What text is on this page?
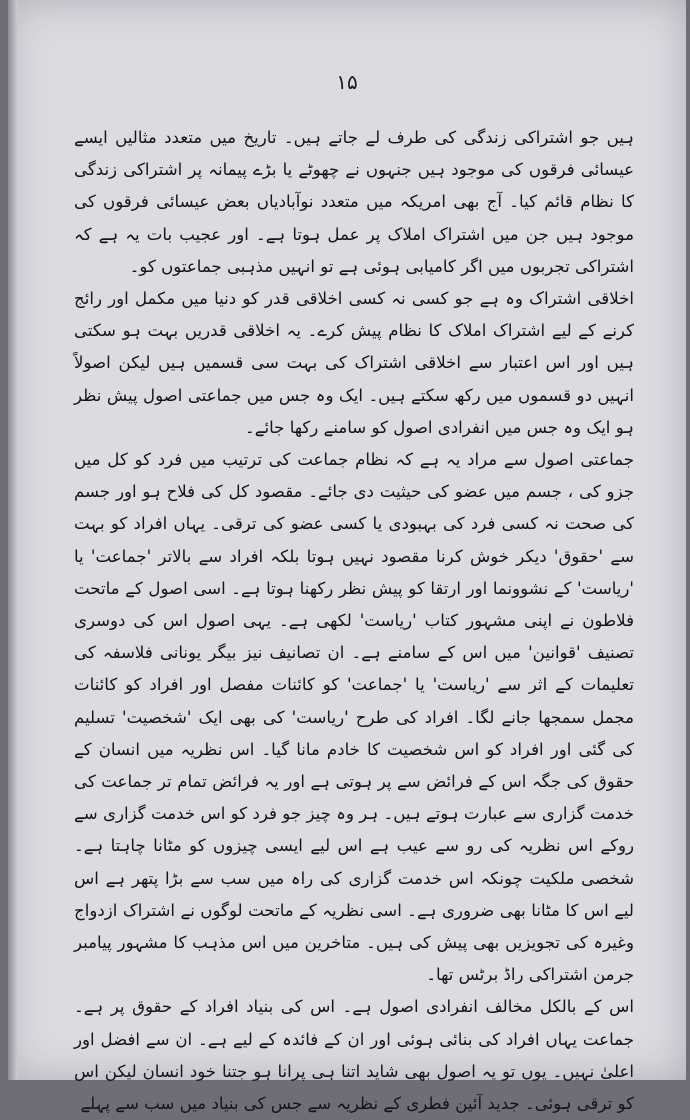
۱۵

ہیں جو اشتراکی زندگی کی طرف لے جاتے ہیں۔ تاریخ میں متعدد مثالیں ایسے عیسائی فرقوں کی موجود ہیں جنہوں نے چھوٹے یا بڑے پیمانہ پر اشتراکی زندگی کا نظام قائم کیا۔ آج بھی امریکہ میں متعدد نوآبادیاں بعض عیسائی فرقوں کی موجود ہیں جن میں اشتراک املاک پر عمل ہوتا ہے۔ اور عجیب بات یہ ہے کہ اشتراکی تجربوں میں اگر کامیابی ہوئی ہے تو انہیں مذہبی جماعتوں کو۔

اخلاقی اشتراک وہ ہے جو کسی نہ کسی اخلاقی قدر کو دنیا میں مکمل اور رائج کرنے کے لیے اشتراک املاک کا نظام پیش کرے۔ یہ اخلاقی قدریں بہت ہو سکتی ہیں اور اس اعتبار سے اخلاقی اشتراک کی بہت سی قسمیں ہیں لیکن اصولاً انہیں دو قسموں میں رکھ سکتے ہیں۔ ایک وہ جس میں جماعتی اصول پیش نظر ہو ایک وہ جس میں انفرادی اصول کو سامنے رکھا جائے۔

جماعتی اصول سے مراد یہ ہے کہ نظام جماعت کی ترتیب میں فرد کو کل میں جزو کی ، جسم میں عضو کی حیثیت دی جائے۔ مقصود کل کی فلاح ہو اور جسم کی صحت نہ کسی فرد کی بہبودی یا کسی عضو کی ترقی۔ یہاں افراد کو بہت سے 'حقوق' دیکر خوش کرنا مقصود نہیں ہوتا بلکہ افراد سے بالاتر 'جماعت' یا 'ریاست' کے نشوونما اور ارتقا کو پیش نظر رکھنا ہوتا ہے۔ اسی اصول کے ماتحت فلاطون نے اپنی مشہور کتاب 'ریاست' لکھی ہے۔ یہی اصول اس کی دوسری تصنیف 'قوانین' میں اس کے سامنے ہے۔ ان تصانیف نیز بیگر یونانی فلاسفہ کی تعلیمات کے اثر سے 'ریاست' یا 'جماعت' کو کائنات مفصل اور افراد کو کائنات مجمل سمجھا جانے لگا۔ افراد کی طرح 'ریاست' کی بھی ایک 'شخصیت' تسلیم کی گئی اور افراد کو اس شخصیت کا خادم مانا گیا۔ اس نظریہ میں انسان کے حقوق کی جگہ اس کے فرائض سے پر ہوتی ہے اور یہ فرائض تمام تر جماعت کی خدمت گزاری سے عبارت ہوتے ہیں۔ ہر وہ چیز جو فرد کو اس خدمت گزاری سے روکے اس نظریہ کی رو سے عیب ہے اس لیے ایسی چیزوں کو مٹانا چاہتا ہے۔ شخصی ملکیت چونکہ اس خدمت گزاری کی راہ میں سب سے بڑا پتھر ہے اس لیے اس کا مٹانا بھی ضروری ہے۔ اسی نظریہ کے ماتحت لوگوں نے اشتراک ازدواج وغیرہ کی تجویزیں بھی پیش کی ہیں۔ متاخرین میں اس مذہب کا مشہور پیامبر جرمن اشتراکی راڈ برٹس تھا۔

اس کے بالکل مخالف انفرادی اصول ہے۔ اس کی بنیاد افراد کے حقوق پر ہے۔ جماعت یہاں افراد کی بنائی ہوئی اور ان کے فائدہ کے لیے ہے۔ ان سے افضل اور اعلیٰ نہیں۔ یوں تو یہ اصول بھی شاید اتنا ہی پرانا ہو جتنا خود انسان لیکن اس کو ترقی ہوئی۔ جدید آئین فطری کے نظریہ سے جس کی بنیاد میں سب سے پہلے
